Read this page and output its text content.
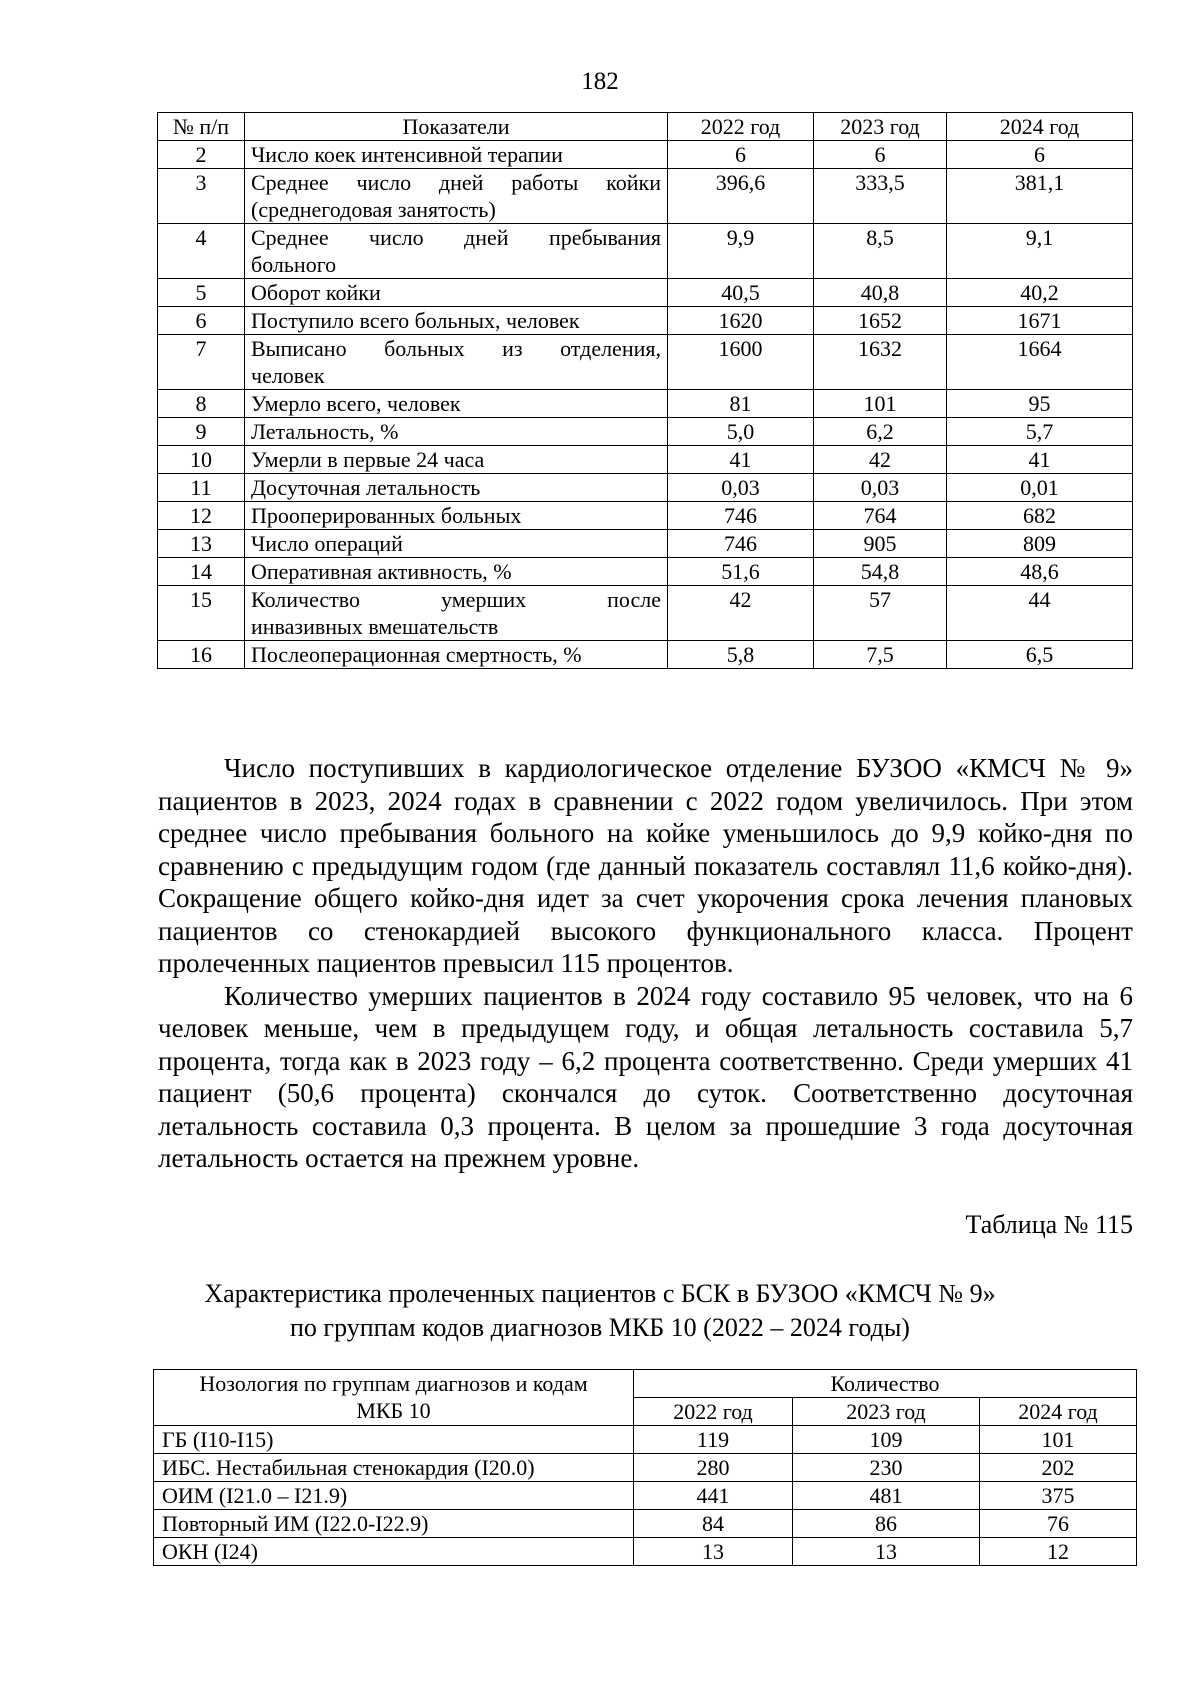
182
№ п/п	Показатели	2022 год	2023 год	2024 год
2	Число коек интенсивной терапии	6	6	6
3	Среднее число дней работы койки
(среднегодовая занятость)	396,6	333,5	381,1
4	Среднее число дней пребывания
больного	9,9	8,5	9,1
5	Оборот койки	40,5	40,8	40,2
6	Поступило всего больных, человек	1620	1652	1671
7	Выписано больных из отделения,
человек	1600	1632	1664
8	Умерло всего, человек	81	101	95
9	Летальность, %	5,0	6,2	5,7
10	Умерли в первые 24 часа	41	42	41
11	Досуточная летальность	0,03	0,03	0,01
12	Прооперированных больных	746	764	682
13	Число операций	746	905	809
14	Оперативная активность, %	51,6	54,8	48,6
15	Количество умерших после
инвазивных вмешательств	42	57	44
16	Послеоперационная смертность, %	5,8	7,5	6,5

Число поступивших в кардиологическое отделение БУЗОО «КМСЧ № 9» пациентов в 2023, 2024 годах в сравнении с 2022 годом увеличилось. При этом среднее число пребывания больного на койке уменьшилось до 9,9 койко-дня по сравнению с предыдущим годом (где данный показатель составлял 11,6 койко-дня). Сокращение общего койко-дня идет за счет укорочения срока лечения плановых пациентов со стенокардией высокого функционального класса. Процент пролеченных пациентов превысил 115 процентов.

Количество умерших пациентов в 2024 году составило 95 человек, что на 6 человек меньше, чем в предыдущем году, и общая летальность составила 5,7 процента, тогда как в 2023 году – 6,2 процента соответственно. Среди умерших 41 пациент (50,6 процента) скончался до суток. Соответственно досуточная летальность составила 0,3 процента. В целом за прошедшие 3 года досуточная летальность остается на прежнем уровне.

Таблица № 115
Характеристика пролеченных пациентов с БСК в БУЗОО «КМСЧ № 9»
по группам кодов диагнозов МКБ 10 (2022 – 2024 годы)
Нозология по группам диагнозов и кодам
МКБ 10	Количество		
	2022 год	2023 год	2024 год
ГБ (I10-I15)	119	109	101
ИБС. Нестабильная стенокардия (I20.0)	280	230	202
ОИМ (I21.0 – I21.9)	441	481	375
Повторный ИМ (I22.0-I22.9)	84	86	76
ОКН (I24)	13	13	12
